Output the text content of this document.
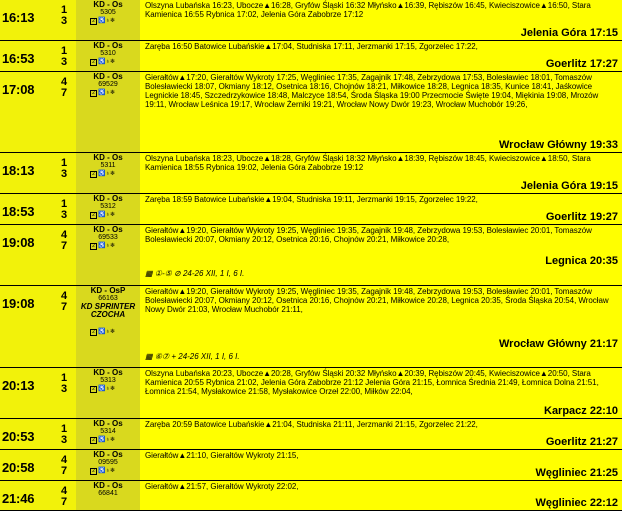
16:13	1
3
KD - Os
5305
2 ♿♁❄
Olszyna Lubańska 16:23, Ubocze▲16:28, Gryfów Śląski 16:32 Młyńsko▲16:39, Rębiszów 16:45, Kwieciszowice▲16:50, Stara Kamienica 16:55 Rybnica 17:02, Jelenia Góra Zabobrze 17:12
Jelenia Góra 17:15
16:53	1
3
KD - Os
5310
2 ♿♁❄
Zaręba 16:50 Batowice Lubańskie▲17:04, Studniska 17:11, Jerzmanki 17:15, Zgorzelec 17:22,
Goerlitz 17:27
17:08	4
7
KD - Os
69529
2 ♿♁❄
Gierałtów▲17:20, Gierałtów Wykroty 17:25, Węgliniec 17:35, Zagajnik 17:48, Zebrzydowa 17:53, Bolesławiec 18:01, Tomaszów Bolesławiecki 18:07, Okmiany 18:12, Osetnica 18:16, Chojnów 18:21, Miłkowice 18:28, Legnica 18:35, Kunice 18:41, Jaśkowice Legnickie 18:45, Szczedrzykowice 18:48, Malczyce 18:54, Środa Śląska 19:00 Przecmocie Święte 19:04, Miękinia 19:08, Mrozów 19:11, Wrocław Leśnica 19:17, Wrocław Żerniki 19:21, Wrocław Nowy Dwór 19:23, Wrocław Muchobór 19:26,
Wrocław Główny 19:33
18:13	1
3
KD - Os
5311
2 ♿♁❄
Olszyna Lubańska 18:23, Ubocze▲18:28, Gryfów Śląski 18:32 Młyńsko▲18:39, Rębiszów 18:45, Kwieciszowice▲18:50, Stara Kamienica 18:55 Rybnica 19:02, Jelenia Góra Zabobrze 19:12
Jelenia Góra 19:15
18:53	1
3
KD - Os
5312
2 ♿♁❄
Zaręba 18:59 Batowice Lubańskie▲19:04, Studniska 19:11, Jerzmanki 19:15, Zgorzelec 19:22,
Goerlitz 19:27
19:08	4
7
KD - Os
69533
2 ♿♁❄
Gierałtów▲19:20, Gierałtów Wykroty 19:25, Węgliniec 19:35, Zagajnik 19:48, Zebrzydowa 19:53, Bolesławiec 20:01, Tomaszów Bolesławiecki 20:07, Okmiany 20:12, Osetnica 20:16, Chojnów 20:21, Miłkowice 20:28,
▦ ①-⑤ ⊘ 24-26 XII, 1 I, 6 I.
Legnica 20:35
19:08	4
7
KD - OsP
66163
KD SPRINTER CZOCHA
2 ♿♁❄
Gierałtów▲19:20, Gierałtów Wykroty 19:25, Węgliniec 19:35, Zagajnik 19:48, Zebrzydowa 19:53, Bolesławiec 20:01, Tomaszów Bolesławiecki 20:07, Okmiany 20:12, Osetnica 20:16, Chojnów 20:21, Miłkowice 20:28, Legnica 20:35, Środa Śląska 20:54, Wrocław Nowy Dwór 21:03, Wrocław Muchobór 21:11,
▦ ⑥⑦ + 24-26 XII, 1 I, 6 I.
Wrocław Główny 21:17
20:13	1
3
KD - Os
5313
2 ♿♁❄
Olszyna Lubańska 20:23, Ubocze▲20:28, Gryfów Śląski 20:32 Młyńsko▲20:39, Rębiszów 20:45, Kwieciszowice▲20:50, Stara Kamienica 20:55 Rybnica 21:02, Jelenia Góra Zabobrze 21:12 Jelenia Góra 21:15, Łomnica Średnia 21:49, Łomnica Dolna 21:51, Łomnica 21:54, Mysłakowice 21:58, Mysłakowice Orzeł 22:00, Miłków 22:04,
Karpacz 22:10
20:53	1
3
KD - Os
5314
2 ♿♁❄
Zaręba 20:59 Batowice Lubańskie▲21:04, Studniska 21:11, Jerzmanki 21:15, Zgorzelec 21:22,
Goerlitz 21:27
20:58	4
7
KD - Os
09595
2 ♿♁❄
Gierałtów▲21:10, Gierałtów Wykroty 21:15,
Węgliniec 21:25
21:46	4
7
KD - Os
66841
Gierałtów▲21:57, Gierałtów Wykroty 22:02,
Węgliniec 22:12
